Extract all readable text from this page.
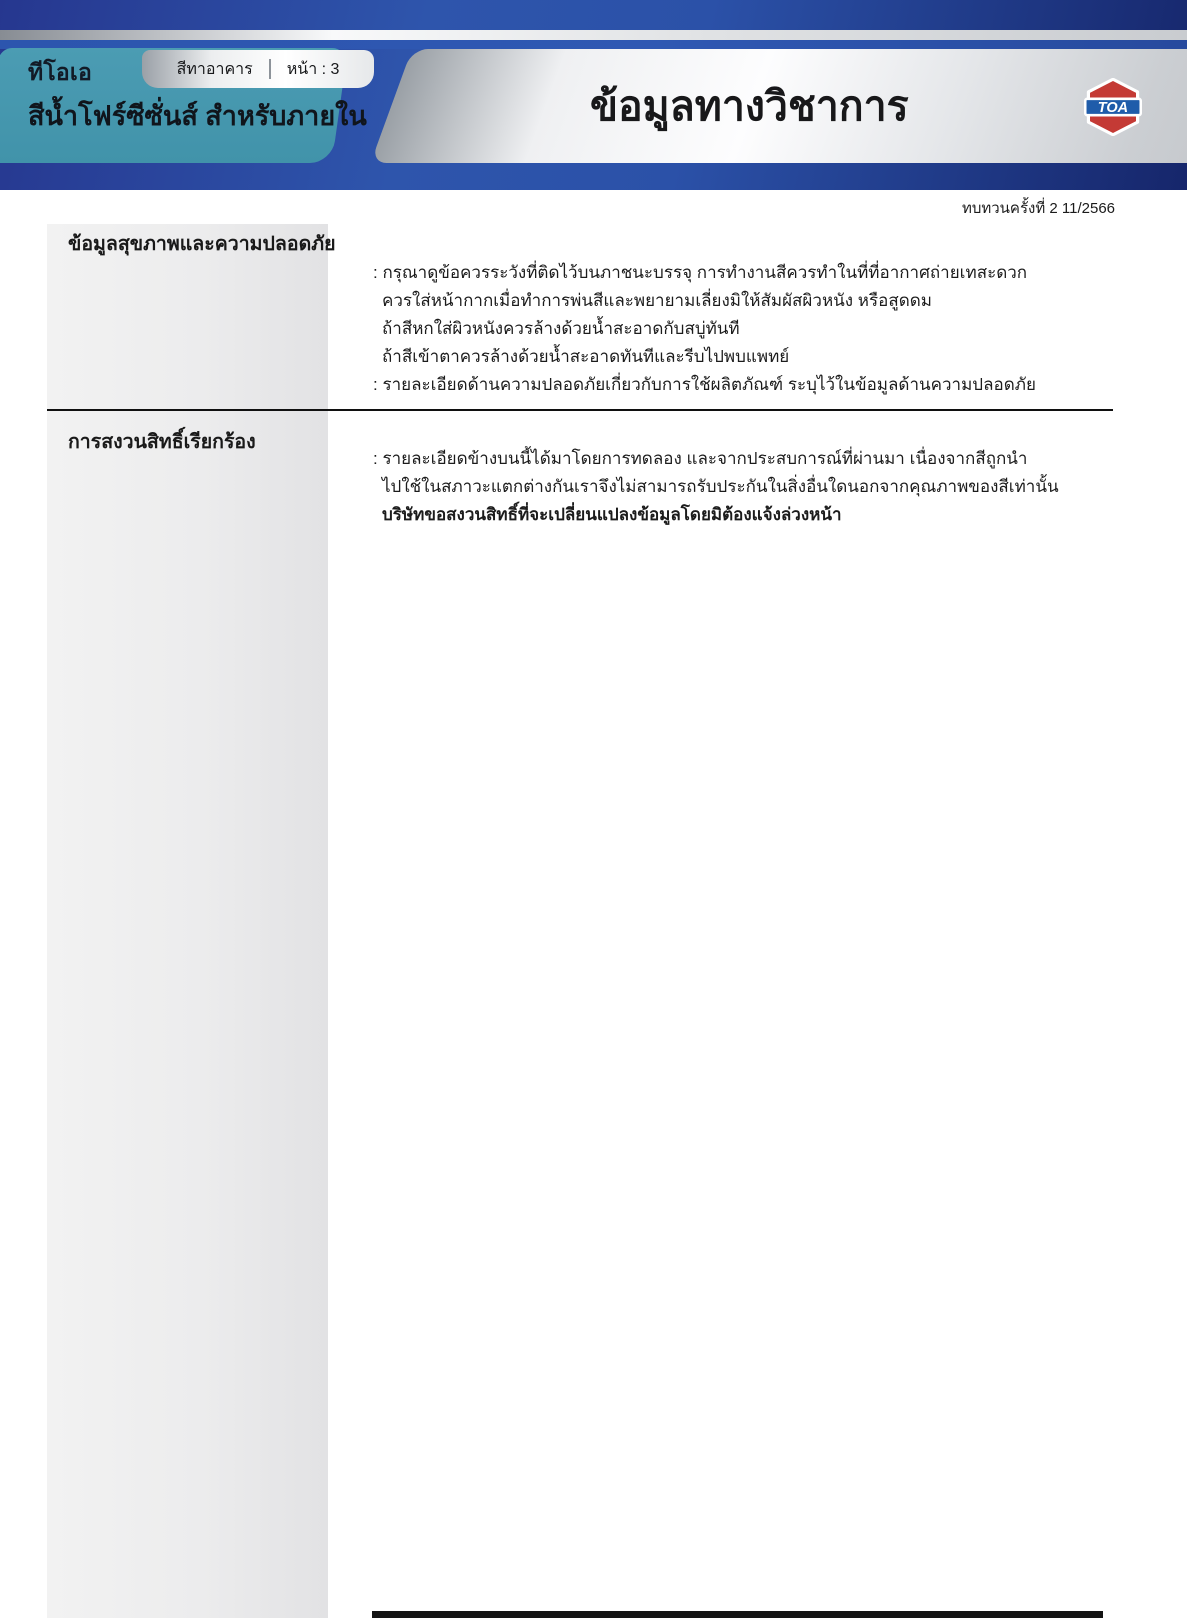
ทีโอเอ
สีน้ำโฟร์ซีซั่นส์ สำหรับภายใน
สีทาอาคาร หน้า : 3
ข้อมูลทางวิชาการ	TOA
ทบทวนครั้งที่ 2 11/2566
ข้อมูลสุขภาพและความปลอดภัย
: กรุณาดูข้อควรระวังที่ติดไว้บนภาชนะบรรจุ การทำงานสีควรทำในที่ที่อากาศถ่ายเทสะดวก
ควรใส่หน้ากากเมื่อทำการพ่นสีและพยายามเลี่ยงมิให้สัมผัสผิวหนัง หรือสูดดม
ถ้าสีหกใส่ผิวหนังควรล้างด้วยน้ำสะอาดกับสบู่ทันที
ถ้าสีเข้าตาควรล้างด้วยน้ำสะอาดทันทีและรีบไปพบแพทย์
: รายละเอียดด้านความปลอดภัยเกี่ยวกับการใช้ผลิตภัณฑ์ ระบุไว้ในข้อมูลด้านความปลอดภัย
การสงวนสิทธิ์เรียกร้อง
: รายละเอียดข้างบนนี้ได้มาโดยการทดลอง และจากประสบการณ์ที่ผ่านมา เนื่องจากสีถูกนำ
ไปใช้ในสภาวะแตกต่างกันเราจึงไม่สามารถรับประกันในสิ่งอื่นใดนอกจากคุณภาพของสีเท่านั้น
บริษัทขอสงวนสิทธิ์ที่จะเปลี่ยนแปลงข้อมูลโดยมิต้องแจ้งล่วงหน้า
